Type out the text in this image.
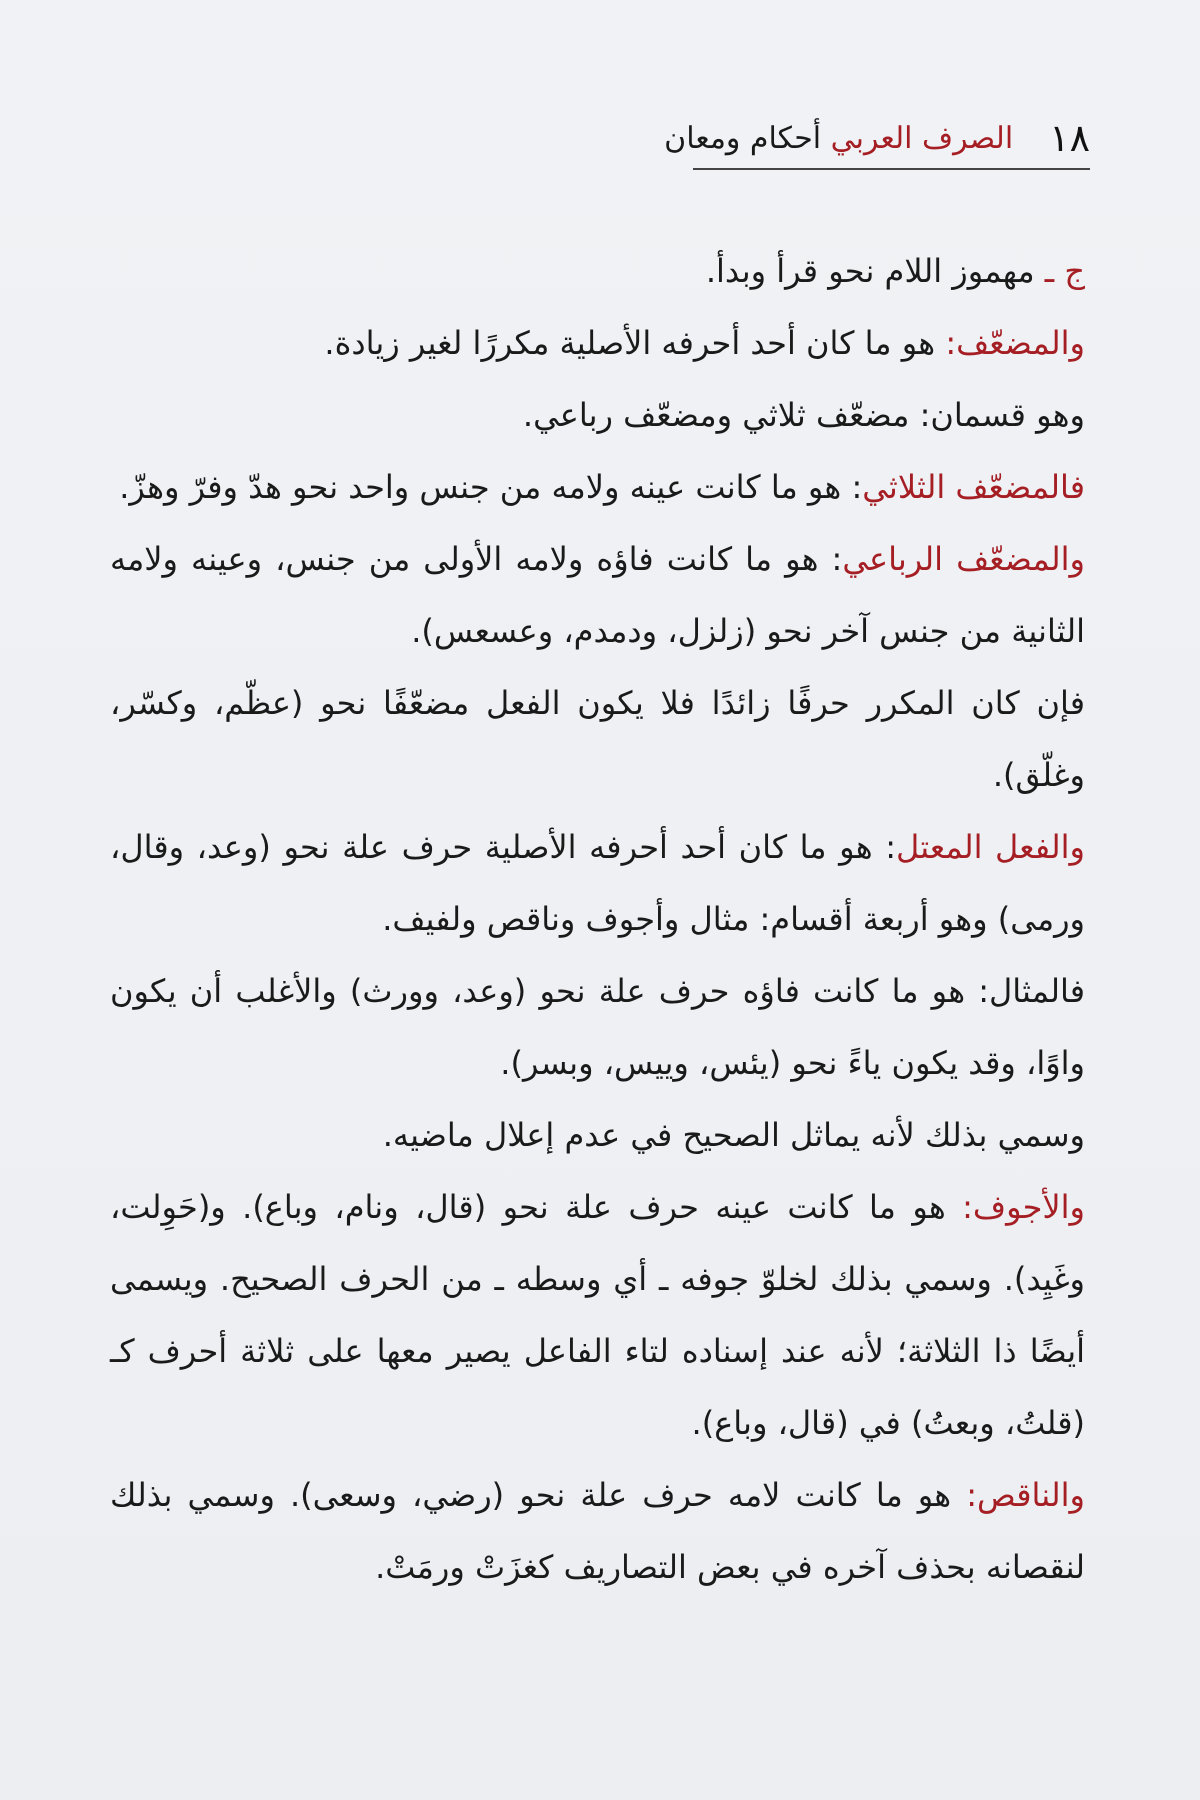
١٨
الصرف العربي أحكام ومعان

ج ـ مهموز اللام نحو قرأ وبدأ.

والمضعّف: هو ما كان أحد أحرفه الأصلية مكررًا لغير زيادة.

وهو قسمان: مضعّف ثلاثي ومضعّف رباعي.

فالمضعّف الثلاثي: هو ما كانت عينه ولامه من جنس واحد نحو هدّ وفرّ وهزّ.

والمضعّف الرباعي: هو ما كانت فاؤه ولامه الأولى من جنس، وعينه ولامه الثانية من جنس آخر نحو (زلزل، ودمدم، وعسعس).

فإن كان المكرر حرفًا زائدًا فلا يكون الفعل مضعّفًا نحو (عظّم، وكسّر، وغلّق).

والفعل المعتل: هو ما كان أحد أحرفه الأصلية حرف علة نحو (وعد، وقال، ورمى) وهو أربعة أقسام: مثال وأجوف وناقص ولفيف.

فالمثال: هو ما كانت فاؤه حرف علة نحو (وعد، وورث) والأغلب أن يكون واوًا، وقد يكون ياءً نحو (يئس، وييس، وبسر).

وسمي بذلك لأنه يماثل الصحيح في عدم إعلال ماضيه.

والأجوف: هو ما كانت عينه حرف علة نحو (قال، ونام، وباع). و(حَوِلت، وغَيِد). وسمي بذلك لخلوّ جوفه ـ أي وسطه ـ من الحرف الصحيح. ويسمى أيضًا ذا الثلاثة؛ لأنه عند إسناده لتاء الفاعل يصير معها على ثلاثة أحرف كـ (قلتُ، وبعتُ) في (قال، وباع).

والناقص: هو ما كانت لامه حرف علة نحو (رضي، وسعى). وسمي بذلك لنقصانه بحذف آخره في بعض التصاريف كغزَتْ ورمَتْ.
